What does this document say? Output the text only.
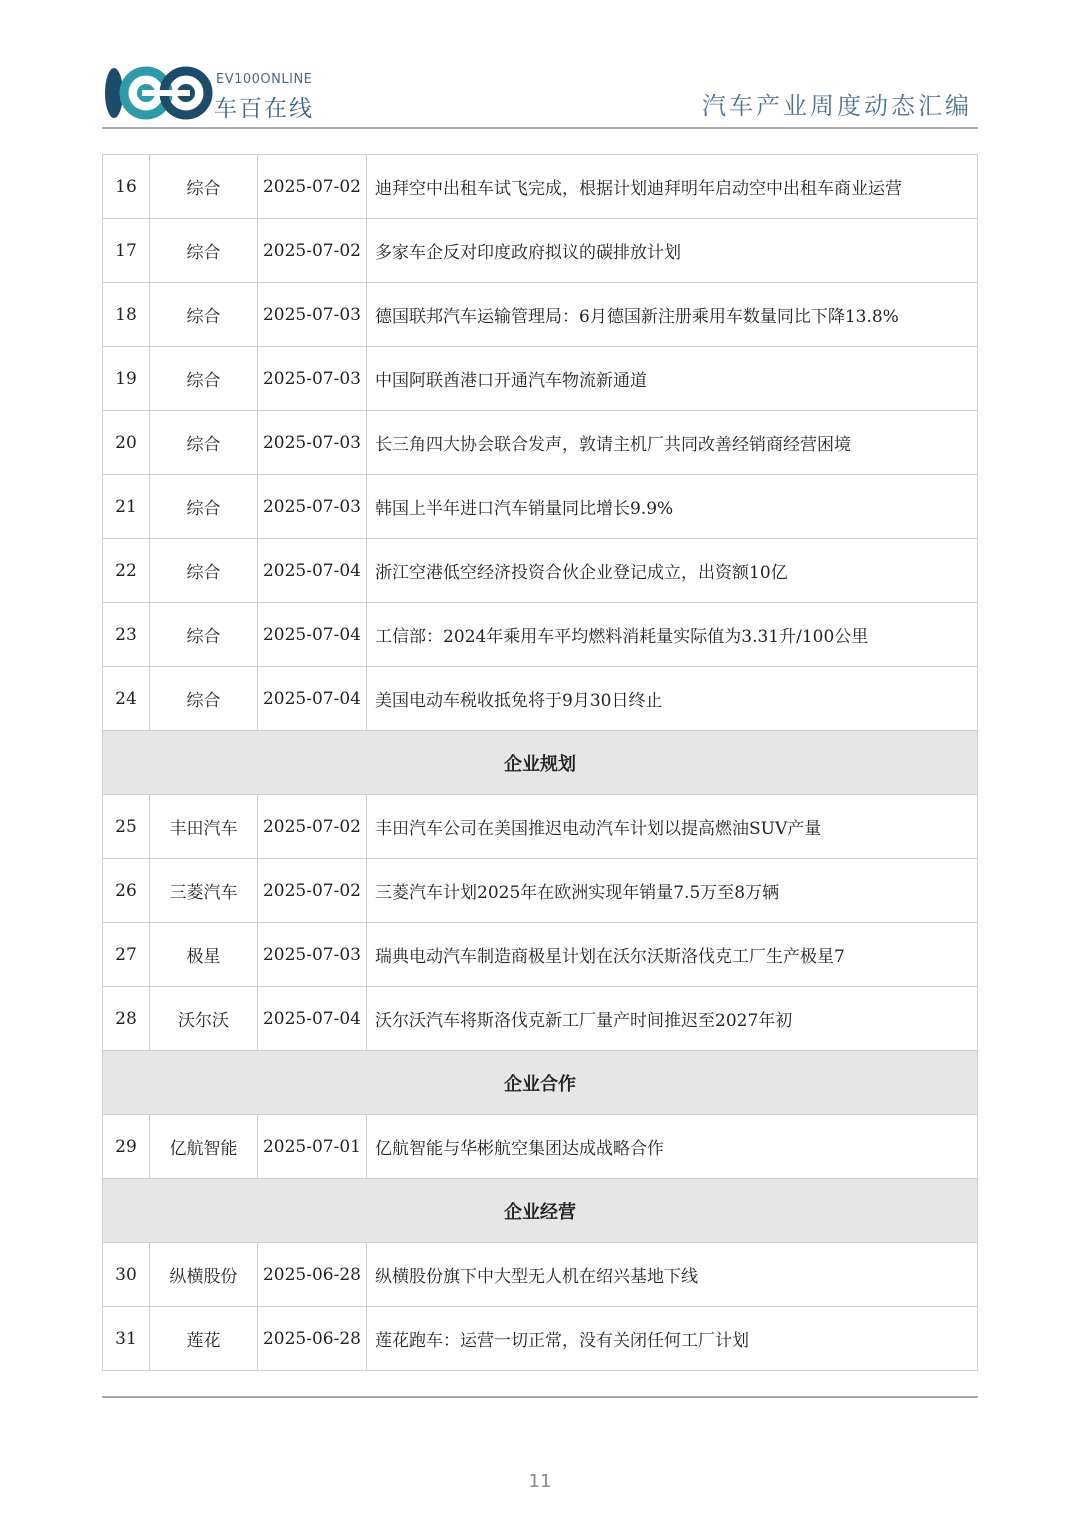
EV100ONLINE
车百在线	汽车产业周度动态汇编
16	综合	2025-07-02	迪拜空中出租车试飞完成，根据计划迪拜明年启动空中出租车商业运营
17	综合	2025-07-02	多家车企反对印度政府拟议的碳排放计划
18	综合	2025-07-03	德国联邦汽车运输管理局：6月德国新注册乘用车数量同比下降13.8%
19	综合	2025-07-03	中国阿联酋港口开通汽车物流新通道
20	综合	2025-07-03	长三角四大协会联合发声，敦请主机厂共同改善经销商经营困境
21	综合	2025-07-03	韩国上半年进口汽车销量同比增长9.9%
22	综合	2025-07-04	浙江空港低空经济投资合伙企业登记成立，出资额10亿
23	综合	2025-07-04	工信部：2024年乘用车平均燃料消耗量实际值为3.31升/100公里
24	综合	2025-07-04	美国电动车税收抵免将于9月30日终止
企业规划			
25	丰田汽车	2025-07-02	丰田汽车公司在美国推迟电动汽车计划以提高燃油SUV产量
26	三菱汽车	2025-07-02	三菱汽车计划2025年在欧洲实现年销量7.5万至8万辆
27	极星	2025-07-03	瑞典电动汽车制造商极星计划在沃尔沃斯洛伐克工厂生产极星7
28	沃尔沃	2025-07-04	沃尔沃汽车将斯洛伐克新工厂量产时间推迟至2027年初
企业合作			
29	亿航智能	2025-07-01	亿航智能与华彬航空集团达成战略合作
企业经营			
30	纵横股份	2025-06-28	纵横股份旗下中大型无人机在绍兴基地下线
31	莲花	2025-06-28	莲花跑车：运营一切正常，没有关闭任何工厂计划
11
